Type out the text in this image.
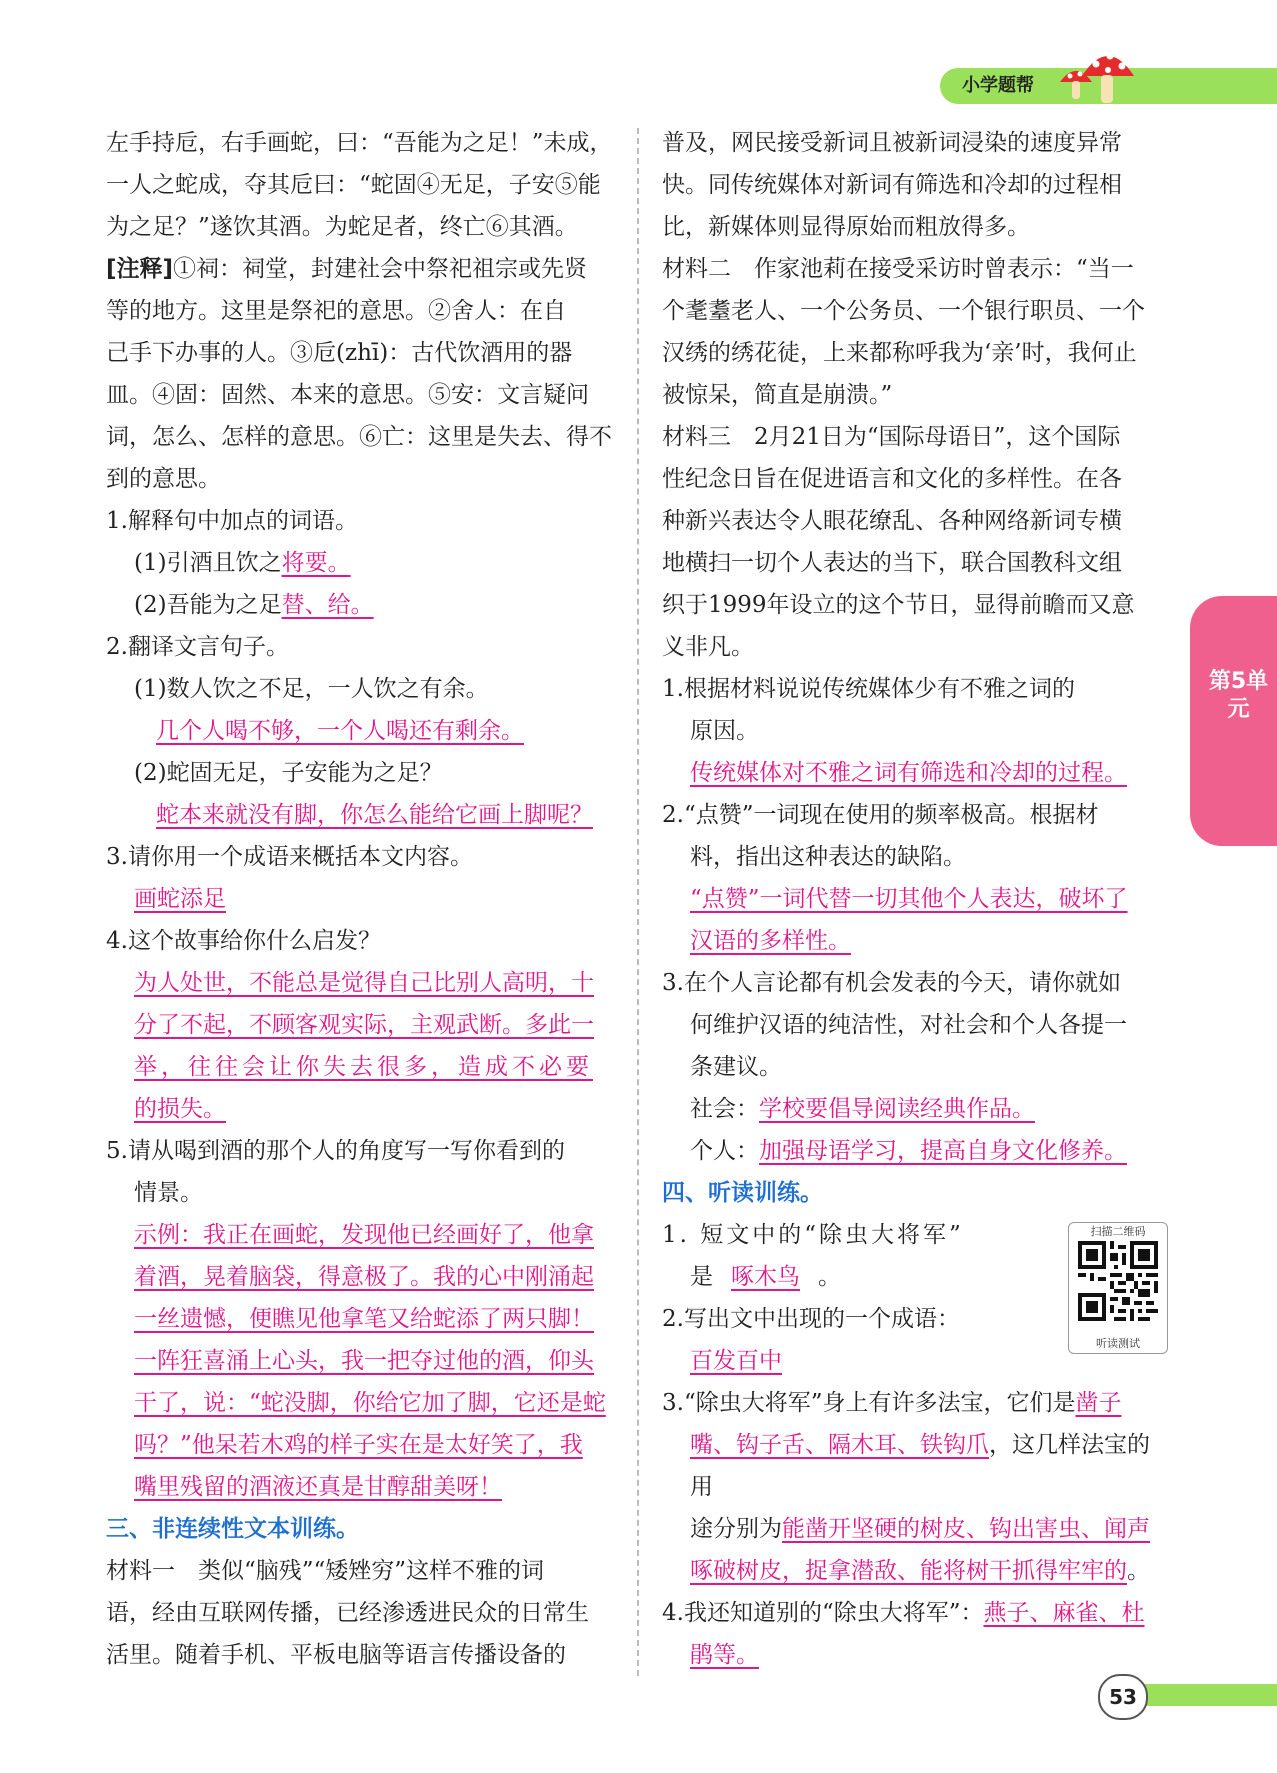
小学题帮
第5单元

左手持卮，右手画蛇，曰：“吾能为之足！”未成，

一人之蛇成，夺其卮曰：“蛇固④无足，子安⑤能

为之足？”遂饮其酒。为蛇足者，终亡⑥其酒。

[注释]①祠：祠堂，封建社会中祭祀祖宗或先贤

等的地方。这里是祭祀的意思。②舍人：在自

己手下办事的人。③卮(zhī)：古代饮酒用的器

皿。④固：固然、本来的意思。⑤安：文言疑问

词，怎么、怎样的意思。⑥亡：这里是失去、得不

到的意思。

1.解释句中加点的词语。

(1)引酒且饮之将要。

(2)吾能为之足替、给。

2.翻译文言句子。

(1)数人饮之不足，一人饮之有余。

几个人喝不够，一个人喝还有剩余。

(2)蛇固无足，子安能为之足？

蛇本来就没有脚，你怎么能给它画上脚呢？

3.请你用一个成语来概括本文内容。

画蛇添足

4.这个故事给你什么启发？

为人处世，不能总是觉得自己比别人高明，十

分了不起，不顾客观实际，主观武断。多此一

举，往往会让你失去很多，造成不必要

的损失。

5.请从喝到酒的那个人的角度写一写你看到的

情景。

示例：我正在画蛇，发现他已经画好了，他拿

着酒，晃着脑袋，得意极了。我的心中刚涌起

一丝遗憾，便瞧见他拿笔又给蛇添了两只脚！

一阵狂喜涌上心头，我一把夺过他的酒，仰头

干了，说：“蛇没脚，你给它加了脚，它还是蛇

吗？”他呆若木鸡的样子实在是太好笑了，我

嘴里残留的酒液还真是甘醇甜美呀！

三、非连续性文本训练。

材料一　类似“脑残”“矮矬穷”这样不雅的词

语，经由互联网传播，已经渗透进民众的日常生

活里。随着手机、平板电脑等语言传播设备的

普及，网民接受新词且被新词浸染的速度异常

快。同传统媒体对新词有筛选和冷却的过程相

比，新媒体则显得原始而粗放得多。

材料二　作家池莉在接受采访时曾表示：“当一

个耄耋老人、一个公务员、一个银行职员、一个

汉绣的绣花徒，上来都称呼我为‘亲’时，我何止

被惊呆，简直是崩溃。”

材料三　2月21日为“国际母语日”，这个国际

性纪念日旨在促进语言和文化的多样性。在各

种新兴表达令人眼花缭乱、各种网络新词专横

地横扫一切个人表达的当下，联合国教科文组

织于1999年设立的这个节日，显得前瞻而又意

义非凡。

1.根据材料说说传统媒体少有不雅之词的

原因。

传统媒体对不雅之词有筛选和冷却的过程。

2.“点赞”一词现在使用的频率极高。根据材

料，指出这种表达的缺陷。

“点赞”一词代替一切其他个人表达，破坏了

汉语的多样性。

3.在个人言论都有机会发表的今天，请你就如

何维护汉语的纯洁性，对社会和个人各提一

条建议。

社会：学校要倡导阅读经典作品。

个人：加强母语学习，提高自身文化修养。

四、听读训练。

1. 短文中的“除虫大将军”

是 啄木鸟 。

2.写出文中出现的一个成语：

百发百中

3.“除虫大将军”身上有许多法宝，它们是凿子

嘴、钩子舌、隔木耳、铁钩爪，这几样法宝的用

途分别为能凿开坚硬的树皮、钩出害虫、闻声

啄破树皮，捉拿潜敌、能将树干抓得牢牢的。

4.我还知道别的“除虫大将军”：燕子、麻雀、杜

鹃等。

扫描二维码
听读测试
53
